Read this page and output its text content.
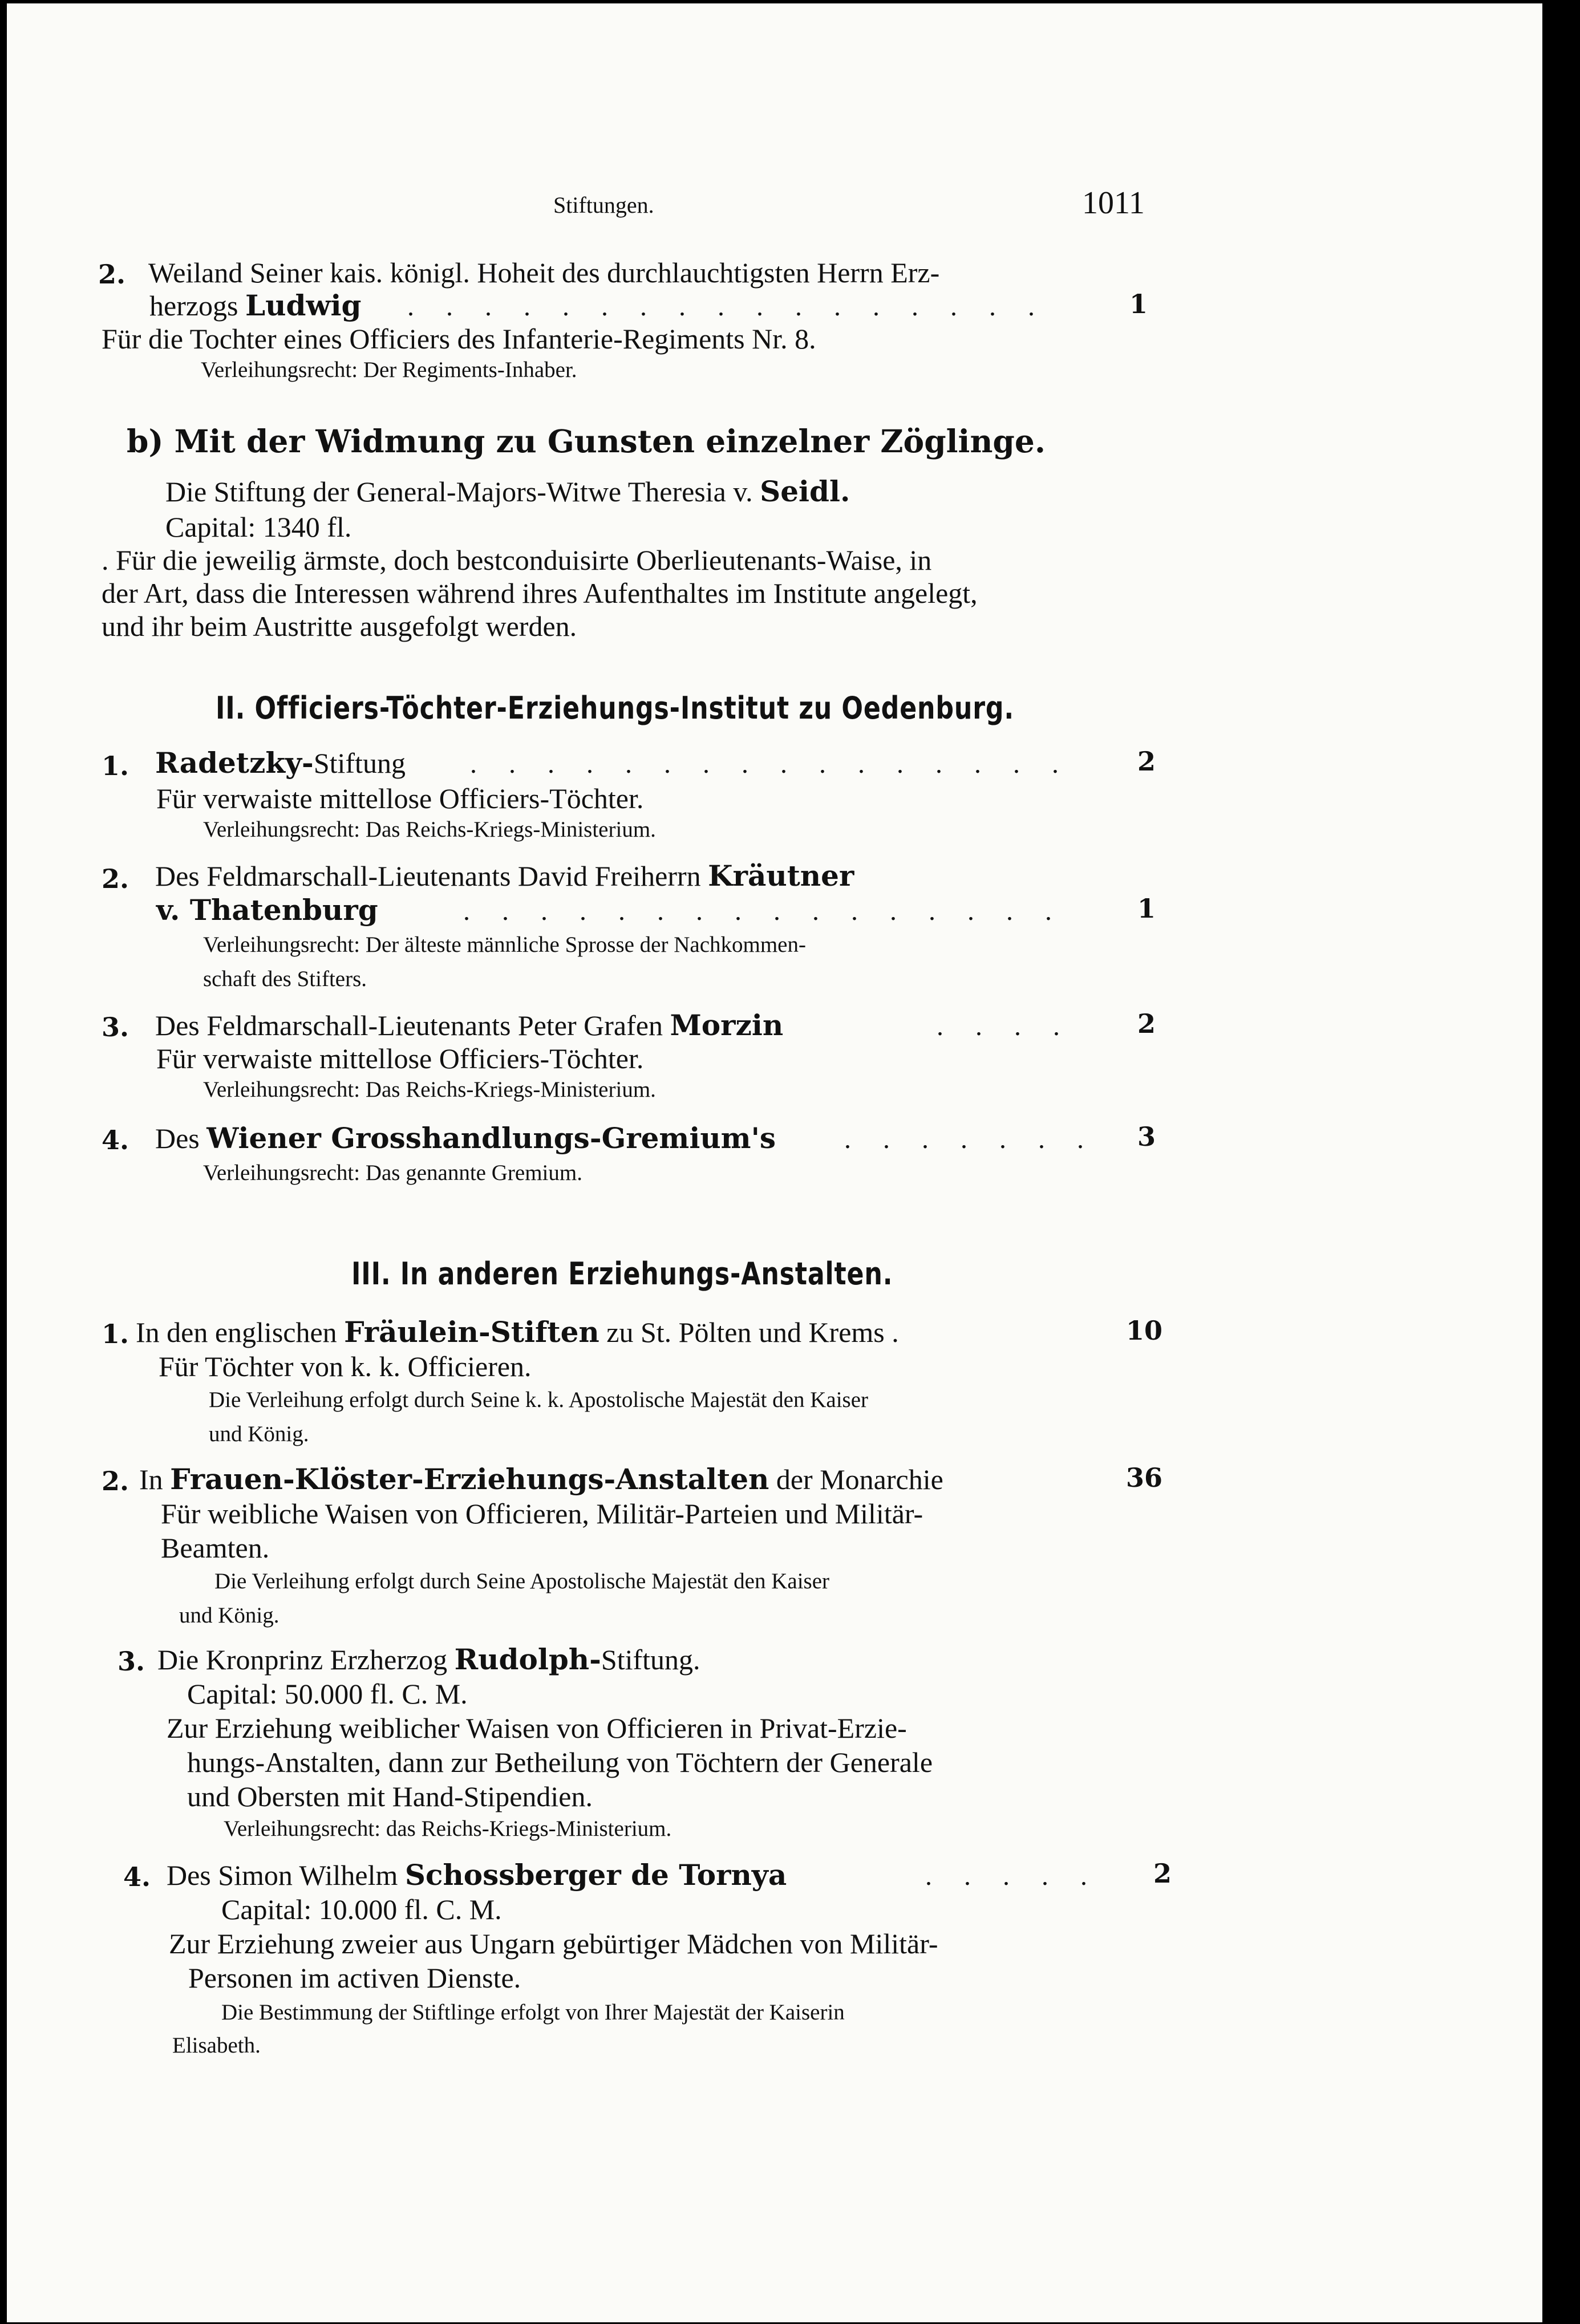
Stiftungen.	1011
2. Weiland Seiner kais. königl. Hoheit des durchlauchtigsten Herrn Erz-
herzogs Ludwig . . .	1
Für die Tochter eines Officiers des Infanterie-Regiments Nr. 8.
Verleihungsrecht: Der Regiments-Inhaber.
b) Mit der Widmung zu Gunsten einzelner Zöglinge.
Die Stiftung der General-Majors-Witwe Theresia v. Seidl.
Capital: 1340 fl.
. Für die jeweilig ärmste, doch bestconduisirte Oberlieutenants-Waise, in
der Art, dass die Interessen während ihres Aufenthaltes im Institute angelegt,
und ihr beim Austritte ausgefolgt werden.
II. Officiers-Töchter-Erziehungs-Institut zu Oedenburg.
1. Radetzky-Stiftung . . .	2
Für verwaiste mittellose Officiers-Töchter.
Verleihungsrecht: Das Reichs-Kriegs-Ministerium.
2. Des Feldmarschall-Lieutenants David Freiherrn Kräutner
v. Thatenburg . . .	1
Verleihungsrecht: Der älteste männliche Sprosse der Nachkommen-
schaft des Stifters.
3. Des Feldmarschall-Lieutenants Peter Grafen Morzin . . .	2
Für verwaiste mittellose Officiers-Töchter.
Verleihungsrecht: Das Reichs-Kriegs-Ministerium.
4. Des Wiener Grosshandlungs-Gremium's . . .	3
Verleihungsrecht: Das genannte Gremium.
III. In anderen Erziehungs-Anstalten.
1. In den englischen Fräulein-Stiften zu St. Pölten und Krems .	10
Für Töchter von k. k. Officieren.
Die Verleihung erfolgt durch Seine k. k. Apostolische Majestät den Kaiser
und König.
2. In Frauen-Klöster-Erziehungs-Anstalten der Monarchie	36
Für weibliche Waisen von Officieren, Militär-Parteien und Militär-
Beamten.
Die Verleihung erfolgt durch Seine Apostolische Majestät den Kaiser
und König.
3. Die Kronprinz Erzherzog Rudolph-Stiftung.
Capital: 50.000 fl. C. M.
Zur Erziehung weiblicher Waisen von Officieren in Privat-Erzie-
hungs-Anstalten, dann zur Betheilung von Töchtern der Generale
und Obersten mit Hand-Stipendien.
Verleihungsrecht: das Reichs-Kriegs-Ministerium.
4. Des Simon Wilhelm Schossberger de Tornya . . .	2
Capital: 10.000 fl. C. M.
Zur Erziehung zweier aus Ungarn gebürtiger Mädchen von Militär-
Personen im activen Dienste.
Die Bestimmung der Stiftlinge erfolgt von Ihrer Majestät der Kaiserin
Elisabeth.
